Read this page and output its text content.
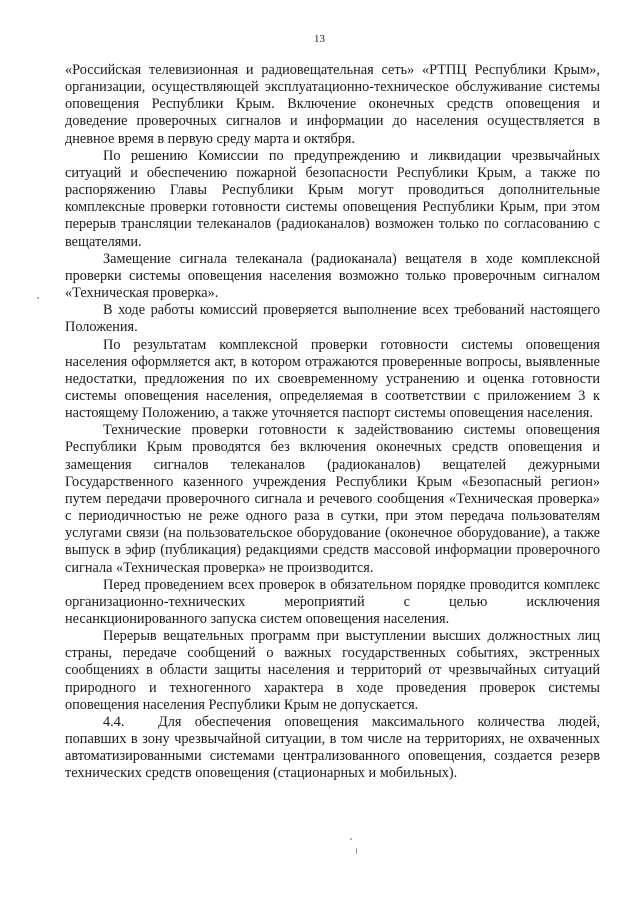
13

«Российская телевизионная и радиовещательная сеть» «РТПЦ Республики Крым», организации, осуществляющей эксплуатационно-техническое обслуживание системы оповещения Республики Крым. Включение оконечных средств оповещения и доведение проверочных сигналов и информации до населения осуществляется в дневное время в первую среду марта и октября.

По решению Комиссии по предупреждению и ликвидации чрезвычайных ситуаций и обеспечению пожарной безопасности Республики Крым, а также по распоряжению Главы Республики Крым могут проводиться дополнительные комплексные проверки готовности системы оповещения Республики Крым, при этом перерыв трансляции телеканалов (радиоканалов) возможен только по согласованию с вещателями.

Замещение сигнала телеканала (радиоканала) вещателя в ходе комплексной проверки системы оповещения населения возможно только проверочным сигналом «Техническая проверка».

В ходе работы комиссий проверяется выполнение всех требований настоящего Положения.

По результатам комплексной проверки готовности системы оповещения населения оформляется акт, в котором отражаются проверенные вопросы, выявленные недостатки, предложения по их своевременному устранению и оценка готовности системы оповещения населения, определяемая в соответствии с приложением 3 к настоящему Положению, а также уточняется паспорт системы оповещения населения.

Технические проверки готовности к задействованию системы оповещения Республики Крым проводятся без включения оконечных средств оповещения и замещения сигналов телеканалов (радиоканалов) вещателей дежурными Государственного казенного учреждения Республики Крым «Безопасный регион» путем передачи проверочного сигнала и речевого сообщения «Техническая проверка» с периодичностью не реже одного раза в сутки, при этом передача пользователям услугами связи (на пользовательское оборудование (оконечное оборудование), а также выпуск в эфир (публикация) редакциями средств массовой информации проверочного сигнала «Техническая проверка» не производится.

Перед проведением всех проверок в обязательном порядке проводится комплекс организационно-технических мероприятий с целью исключения несанкционированного запуска систем оповещения населения.

Перерыв вещательных программ при выступлении высших должностных лиц страны, передаче сообщений о важных государственных событиях, экстренных сообщениях в области защиты населения и территорий от чрезвычайных ситуаций природного и техногенного характера в ходе проведения проверок системы оповещения населения Республики Крым не допускается.

4.4. Для обеспечения оповещения максимального количества людей, попавших в зону чрезвычайной ситуации, в том числе на территориях, не охваченных автоматизированными системами централизованного оповещения, создается резерв технических средств оповещения (стационарных и мобильных).
